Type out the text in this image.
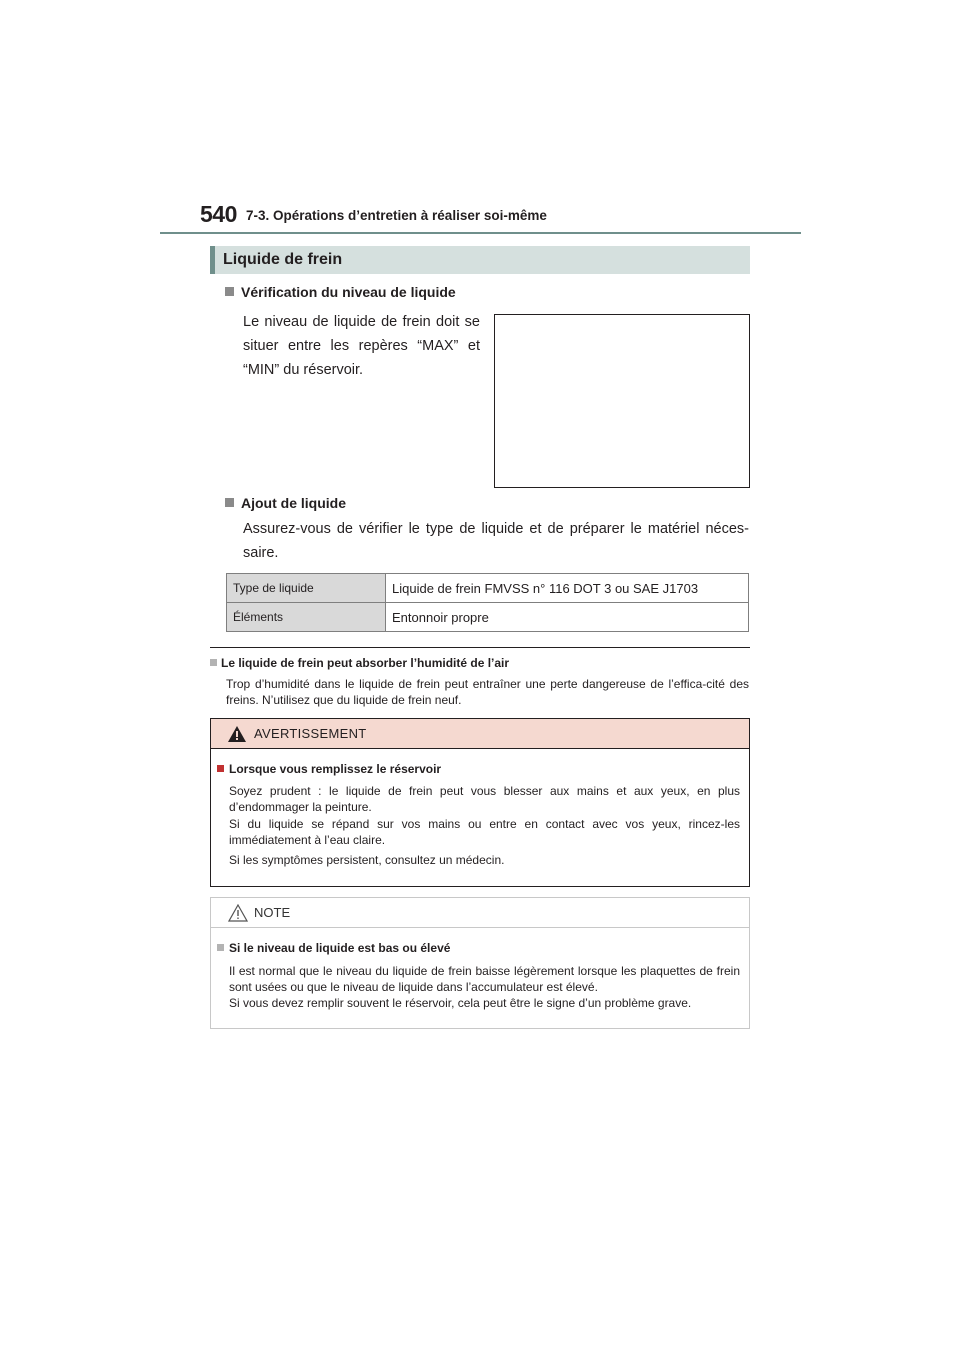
540 7-3. Opérations d’entretien à réaliser soi-même
Liquide de frein
Vérification du niveau de liquide
Le niveau de liquide de frein doit se situer entre les repères “MAX” et “MIN” du réservoir.
Ajout de liquide
Assurez-vous de vérifier le type de liquide et de préparer le matériel néces-saire.
Type de liquide	Liquide de frein FMVSS n° 116 DOT 3 ou SAE J1703
Éléments	Entonnoir propre
Le liquide de frein peut absorber l’humidité de l’air
Trop d’humidité dans le liquide de frein peut entraîner une perte dangereuse de l’effica-cité des freins. N’utilisez que du liquide de frein neuf.
AVERTISSEMENT
Lorsque vous remplissez le réservoir
Soyez prudent : le liquide de frein peut vous blesser aux mains et aux yeux, en plus d’endommager la peinture.
Si du liquide se répand sur vos mains ou entre en contact avec vos yeux, rincez-les immédiatement à l’eau claire.
Si les symptômes persistent, consultez un médecin.
NOTE
Si le niveau de liquide est bas ou élevé
Il est normal que le niveau du liquide de frein baisse légèrement lorsque les plaquettes de frein sont usées ou que le niveau de liquide dans l’accumulateur est élevé.
Si vous devez remplir souvent le réservoir, cela peut être le signe d’un problème grave.
